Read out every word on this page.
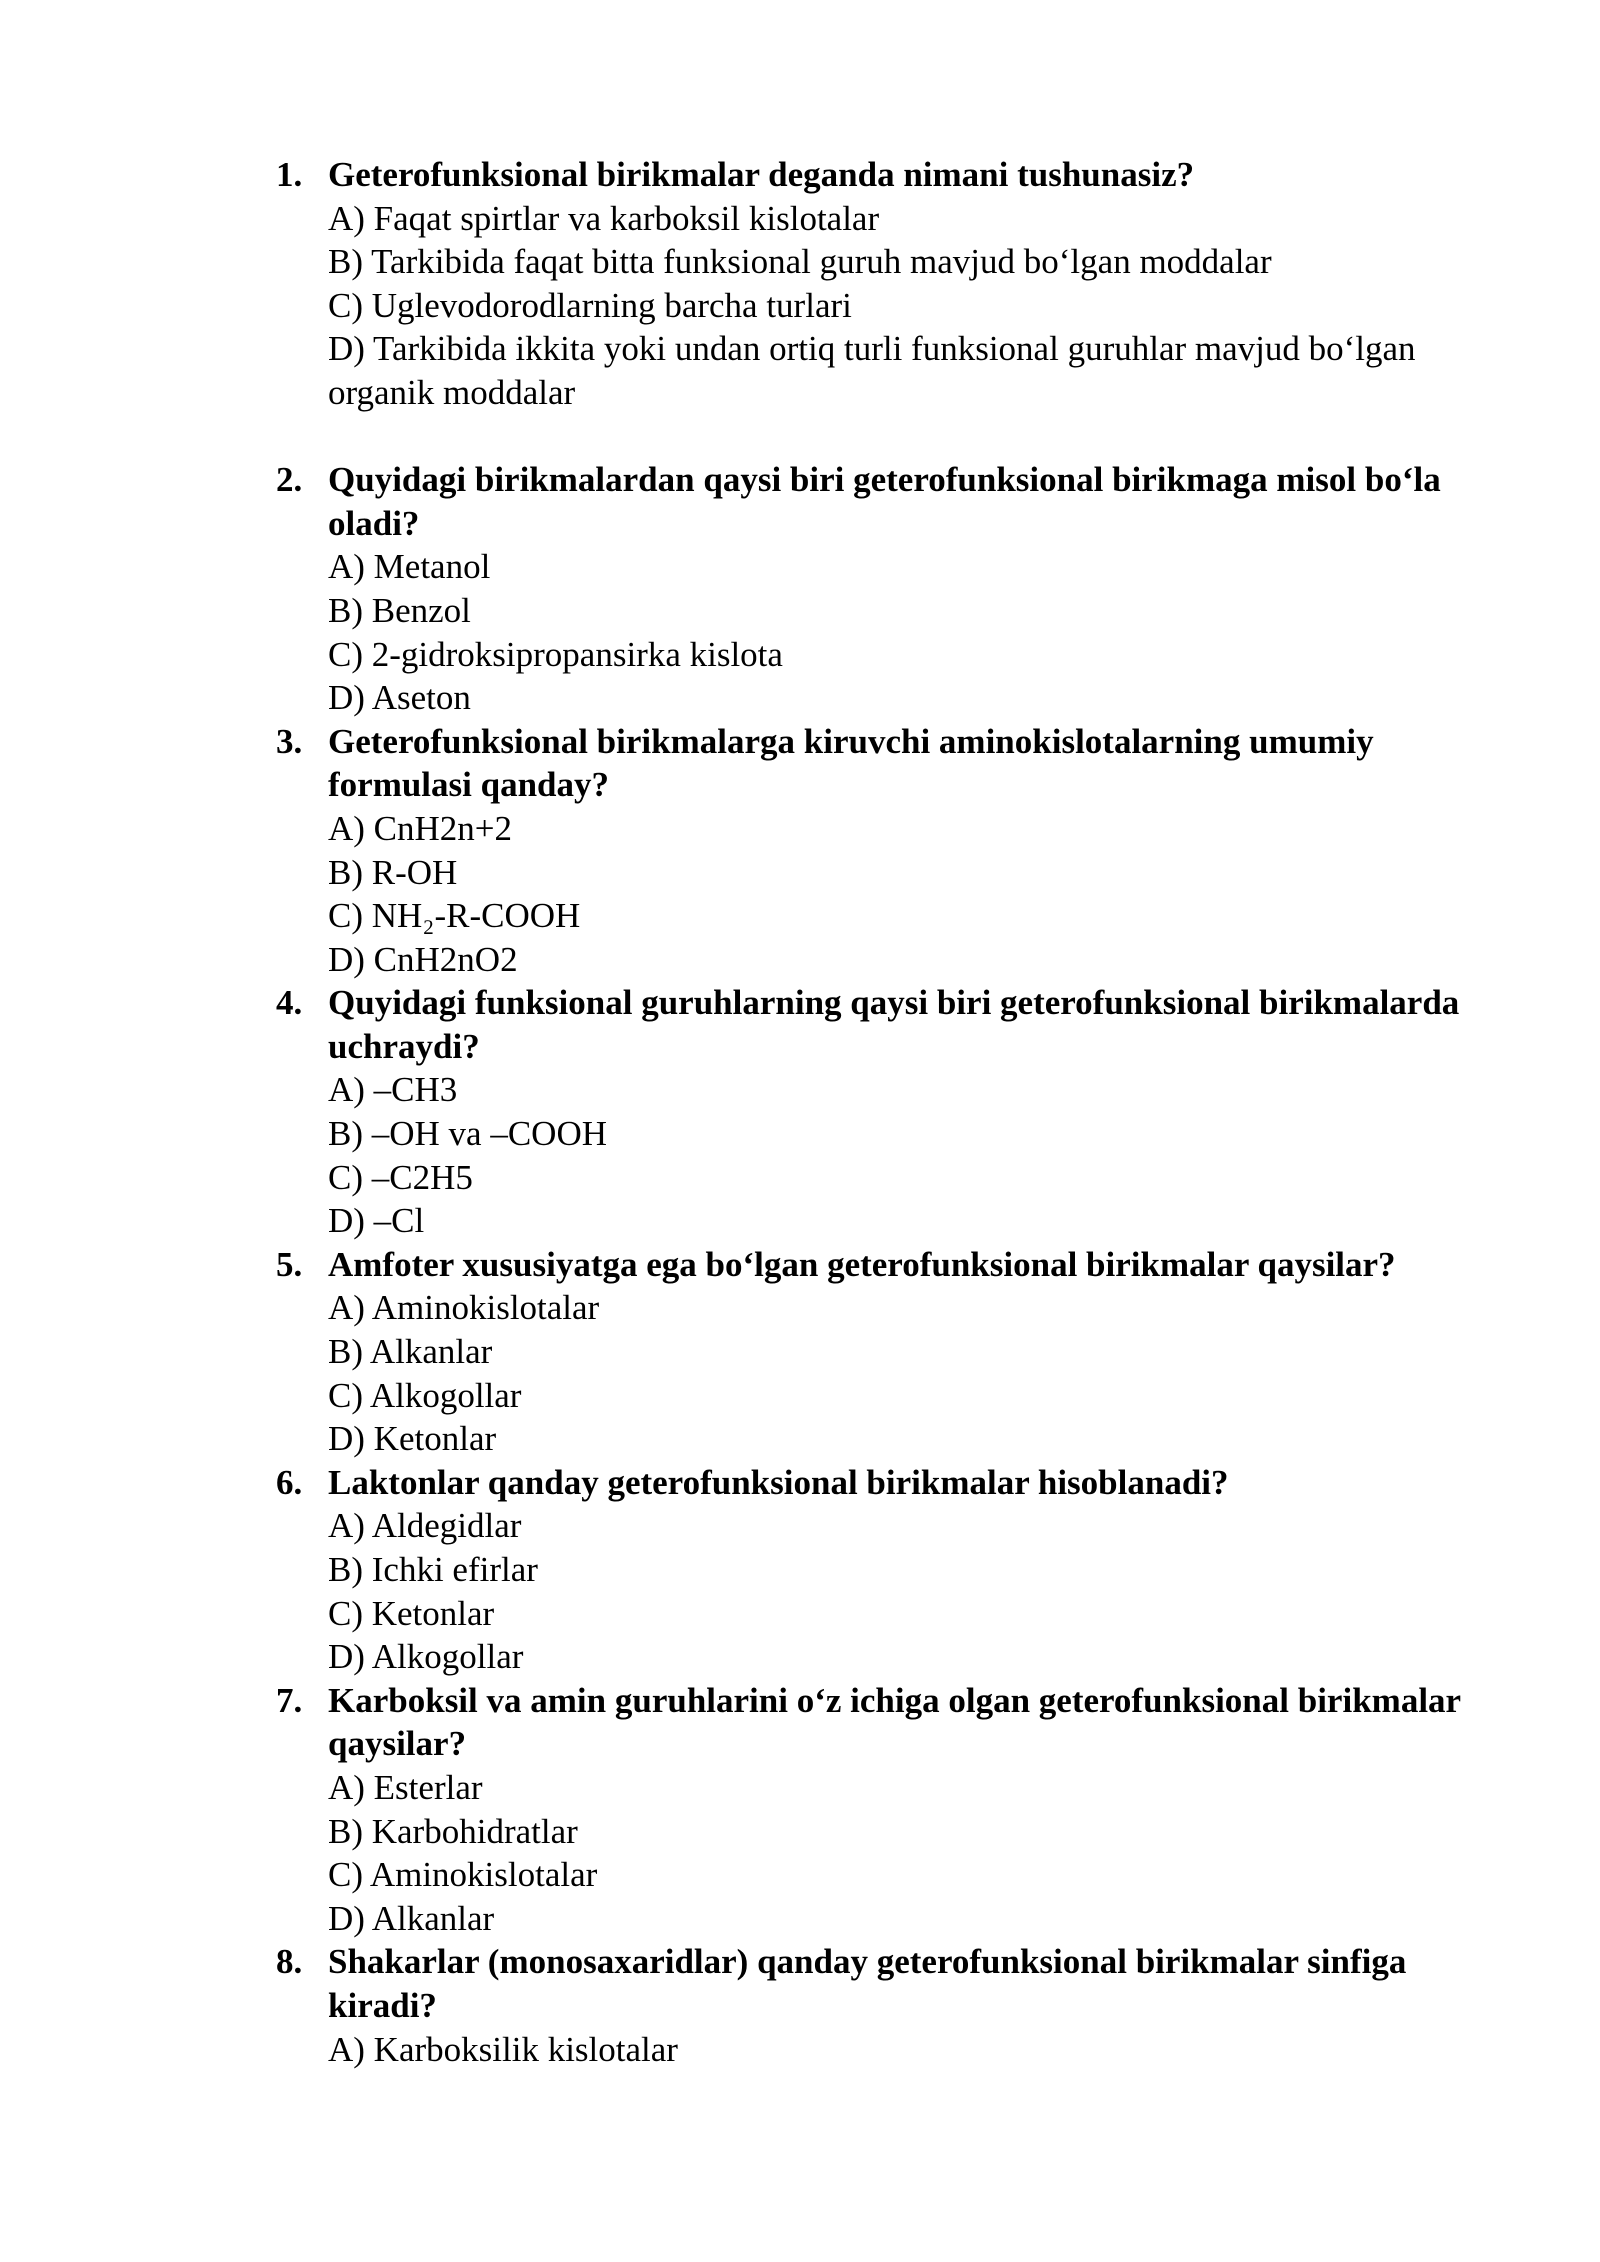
1. Geterofunksional birikmalar deganda nimani tushunasiz?
A) Faqat spirtlar va karboksil kislotalar
B) Tarkibida faqat bitta funksional guruh mavjud bo‘lgan moddalar
C) Uglevodorodlarning barcha turlari
D) Tarkibida ikkita yoki undan ortiq turli funksional guruhlar mavjud bo‘lgan organik moddalar
2. Quyidagi birikmalardan qaysi biri geterofunksional birikmaga misol bo‘la oladi?
A) Metanol
B) Benzol
C) 2-gidroksipropansirka kislota
D) Aseton
3. Geterofunksional birikmalarga kiruvchi aminokislotalarning umumiy formulasi qanday?
A) CnH2n+2
B) R-OH
C) NH₂-R-COOH
D) CnH2nO2
4. Quyidagi funksional guruhlarning qaysi biri geterofunksional birikmalarda uchraydi?
A) –CH3
B) –OH va –COOH
C) –C2H5
D) –Cl
5. Amfoter xususiyatga ega bo‘lgan geterofunksional birikmalar qaysilar?
A) Aminokislotalar
B) Alkanlar
C) Alkogollar
D) Ketonlar
6. Laktonlar qanday geterofunksional birikmalar hisoblanadi?
A) Aldegidlar
B) Ichki efirlar
C) Ketonlar
D) Alkogollar
7. Karboksil va amin guruhlarini o‘z ichiga olgan geterofunksional birikmalar qaysilar?
A) Esterlar
B) Karbohidratlar
C) Aminokislotalar
D) Alkanlar
8. Shakarlar (monosaxaridlar) qanday geterofunksional birikmalar sinfiga kiradi?
A) Karboksilik kislotalar
